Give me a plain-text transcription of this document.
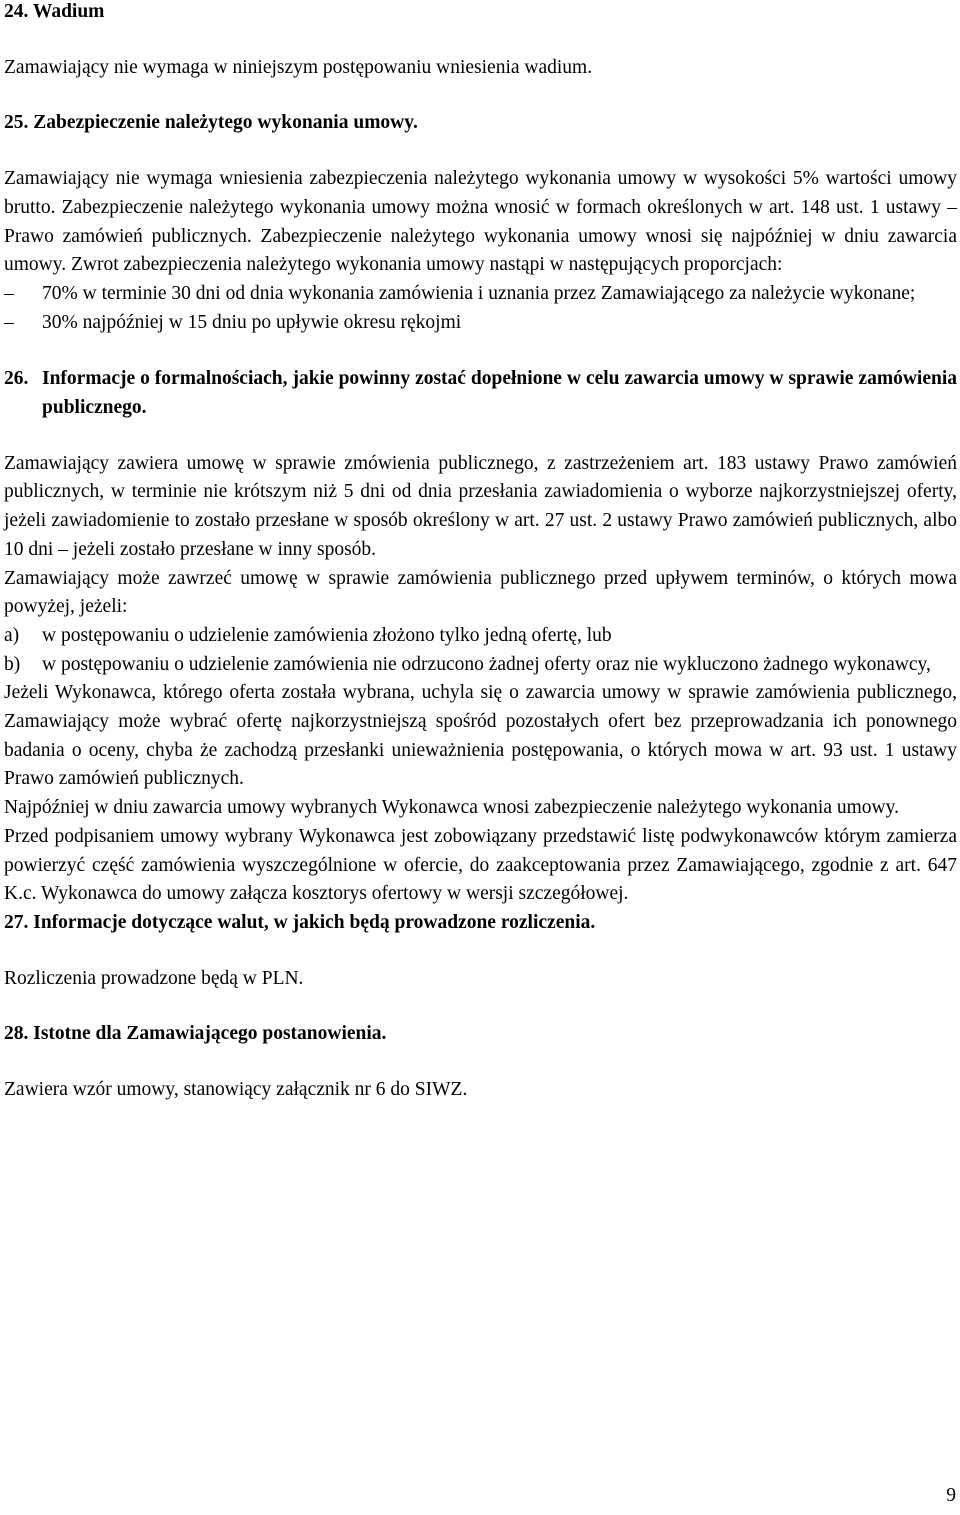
24. Wadium
Zamawiający nie wymaga w niniejszym postępowaniu wniesienia wadium.
25. Zabezpieczenie należytego wykonania umowy.
Zamawiający nie wymaga wniesienia zabezpieczenia należytego wykonania umowy w wysokości 5% wartości umowy brutto. Zabezpieczenie należytego wykonania umowy można wnosić w formach określonych w art. 148 ust. 1 ustawy – Prawo zamówień publicznych. Zabezpieczenie należytego wykonania umowy wnosi się najpóźniej w dniu zawarcia umowy. Zwrot zabezpieczenia należytego wykonania umowy nastąpi w następujących proporcjach:
–	70% w terminie 30 dni od dnia wykonania zamówienia i uznania przez Zamawiającego za należycie wykonane;
–	30% najpóźniej w 15 dniu po upływie okresu rękojmi
26. Informacje o formalnościach, jakie powinny zostać dopełnione w celu zawarcia umowy w sprawie zamówienia publicznego.
Zamawiający zawiera umowę w sprawie zmówienia publicznego, z zastrzeżeniem art. 183 ustawy Prawo zamówień publicznych, w terminie nie krótszym niż 5 dni od dnia przesłania zawiadomienia o wyborze najkorzystniejszej oferty, jeżeli zawiadomienie to zostało przesłane w sposób określony w art. 27 ust. 2 ustawy Prawo zamówień publicznych, albo 10 dni – jeżeli zostało przesłane w inny sposób.
Zamawiający może zawrzeć umowę w sprawie zamówienia publicznego przed upływem terminów, o których mowa powyżej, jeżeli:
a)	w postępowaniu o udzielenie zamówienia złożono tylko jedną ofertę, lub
b)	w postępowaniu o udzielenie zamówienia nie odrzucono żadnej oferty oraz nie wykluczono żadnego wykonawcy,
Jeżeli Wykonawca, którego oferta została wybrana, uchyla się o zawarcia umowy w sprawie zamówienia publicznego, Zamawiający może wybrać ofertę najkorzystniejszą spośród pozostałych ofert bez przeprowadzania ich ponownego badania o oceny, chyba że zachodzą przesłanki unieważnienia postępowania, o których mowa w art. 93 ust. 1 ustawy Prawo zamówień publicznych.
Najpóźniej w dniu zawarcia umowy wybranych Wykonawca wnosi zabezpieczenie należytego wykonania umowy.
Przed podpisaniem umowy wybrany Wykonawca jest zobowiązany przedstawić listę podwykonawców którym zamierza powierzyć część zamówienia wyszczególnione w ofercie, do zaakceptowania przez Zamawiającego, zgodnie z art. 647 K.c. Wykonawca do umowy załącza kosztorys ofertowy w wersji szczegółowej.
27. Informacje dotyczące walut, w jakich będą prowadzone rozliczenia.
Rozliczenia prowadzone będą w PLN.
28. Istotne dla Zamawiającego postanowienia.
Zawiera wzór umowy, stanowiący załącznik nr 6 do SIWZ.
9
